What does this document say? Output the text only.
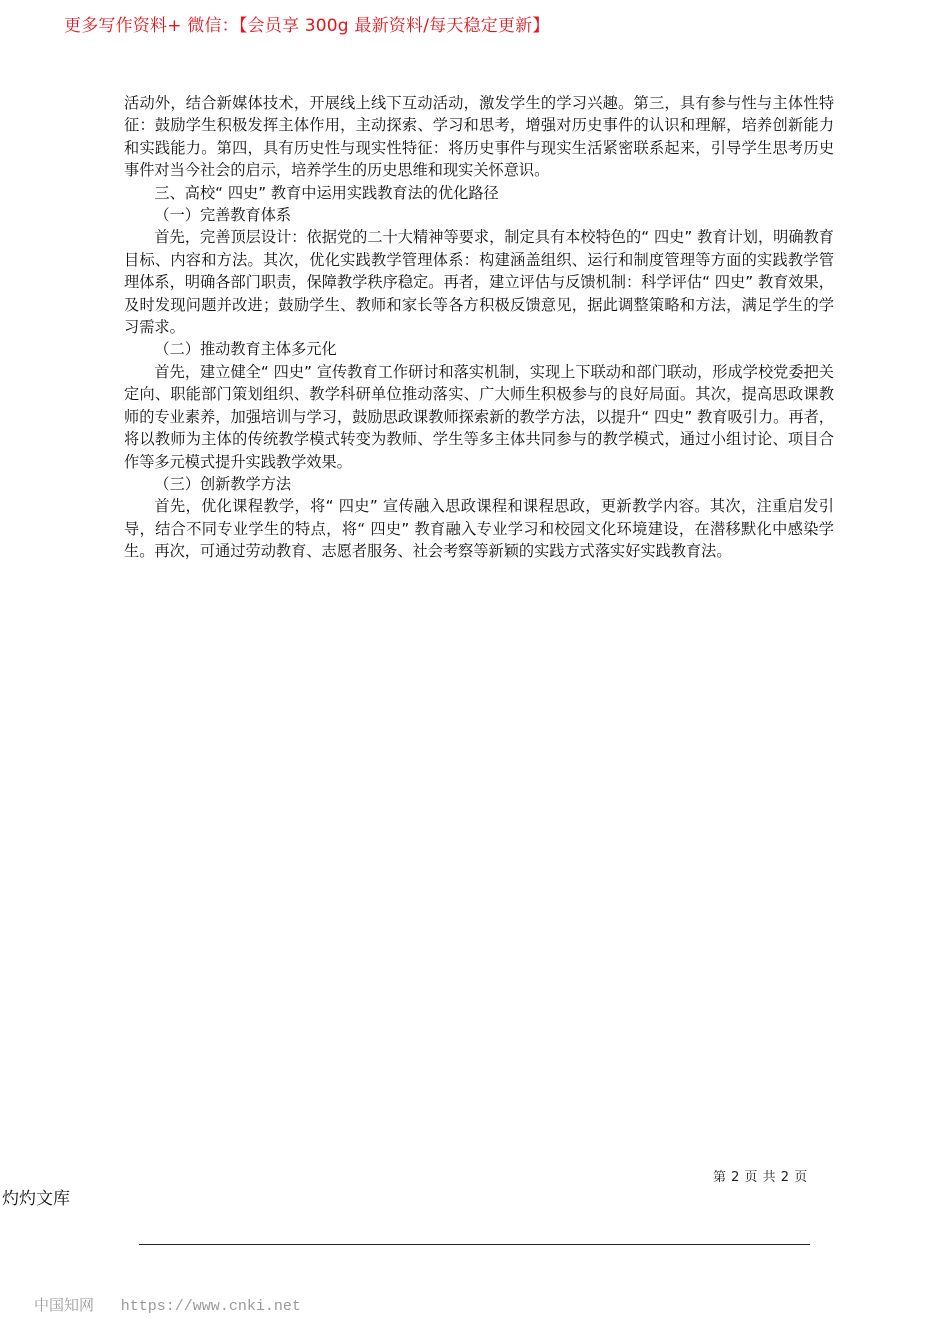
更多写作资料+ 微信：【会员享 300g 最新资料/每天稳定更新】

活动外，结合新媒体技术，开展线上线下互动活动，激发学生的学习兴趣。第三，具有参与性与主体性特征：鼓励学生积极发挥主体作用，主动探索、学习和思考，增强对历史事件的认识和理解，培养创新能力和实践能力。第四，具有历史性与现实性特征：将历史事件与现实生活紧密联系起来，引导学生思考历史事件对当今社会的启示，培养学生的历史思维和现实关怀意识。

三、高校“ 四史” 教育中运用实践教育法的优化路径

（一）完善教育体系

首先，完善顶层设计：依据党的二十大精神等要求，制定具有本校特色的“ 四史” 教育计划，明确教育目标、内容和方法。其次，优化实践教学管理体系：构建涵盖组织、运行和制度管理等方面的实践教学管理体系，明确各部门职责，保障教学秩序稳定。再者，建立评估与反馈机制：科学评估“ 四史” 教育效果，及时发现问题并改进；鼓励学生、教师和家长等各方积极反馈意见，据此调整策略和方法，满足学生的学习需求。

（二）推动教育主体多元化

首先，建立健全“ 四史” 宣传教育工作研讨和落实机制，实现上下联动和部门联动，形成学校党委把关定向、职能部门策划组织、教学科研单位推动落实、广大师生积极参与的良好局面。其次，提高思政课教师的专业素养，加强培训与学习，鼓励思政课教师探索新的教学方法，以提升“ 四史” 教育吸引力。再者，将以教师为主体的传统教学模式转变为教师、学生等多主体共同参与的教学模式，通过小组讨论、项目合作等多元模式提升实践教学效果。

（三）创新教学方法

首先，优化课程教学，将“ 四史” 宣传融入思政课程和课程思政，更新教学内容。其次，注重启发引导，结合不同专业学生的特点，将“ 四史” 教育融入专业学习和校园文化环境建设，在潜移默化中感染学生。再次，可通过劳动教育、志愿者服务、社会考察等新颖的实践方式落实好实践教育法。

第 2 页 共 2 页
灼灼文库
中国知网 https://www.cnki.net
